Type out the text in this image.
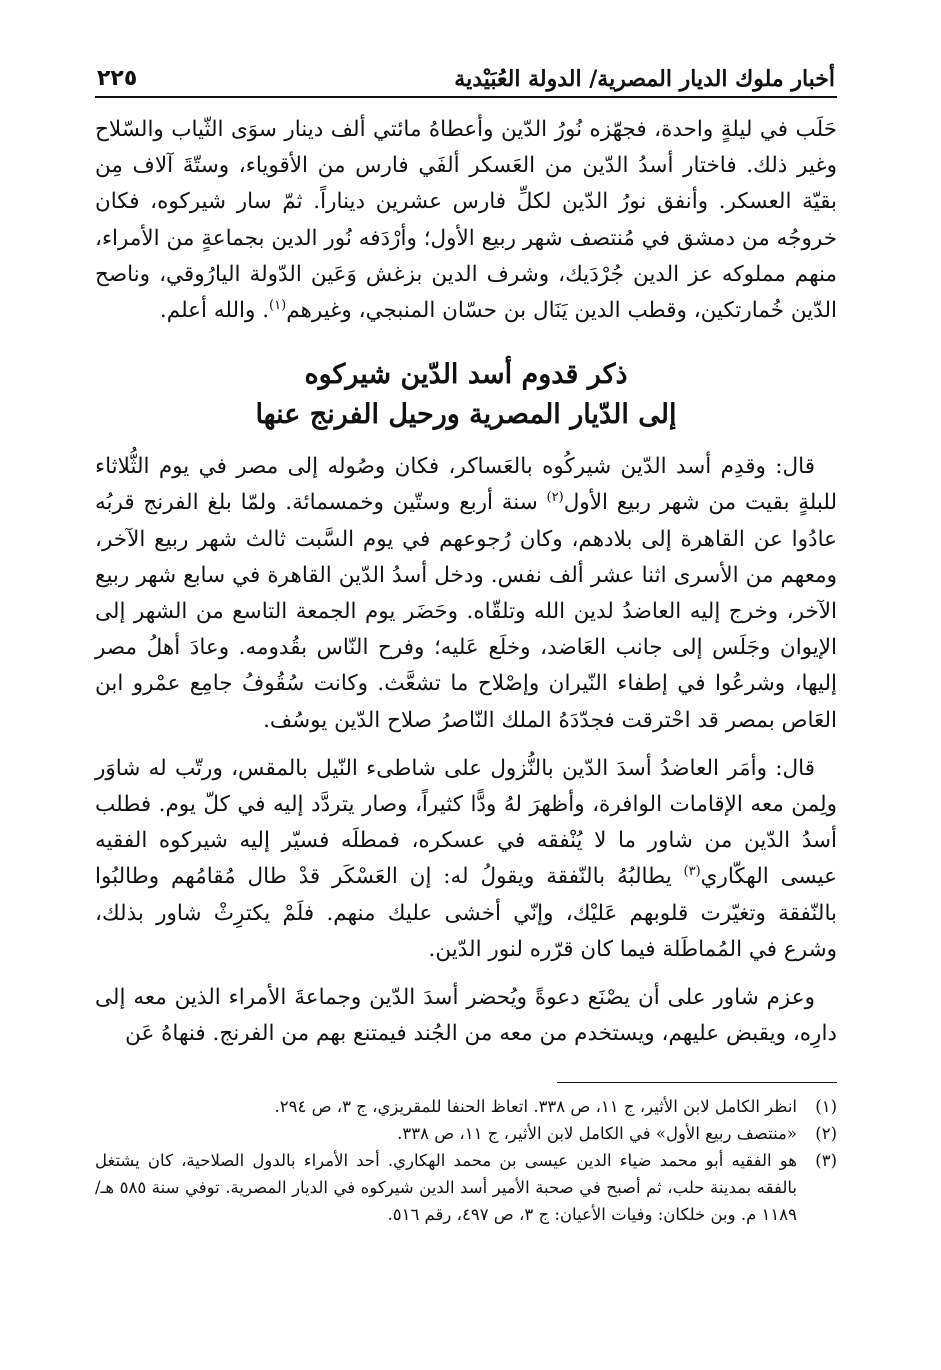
أخبار ملوك الديار المصرية/ الدولة العُبَيْدية
٢٢٥

حَلَب في ليلةٍ واحدة، فجهّزه نُورُ الدّين وأعطاهُ مائتي ألف دينار سوَى الثّياب والسّلاح وغير ذلك. فاختار أسدُ الدّين من العَسكر ألفَي فارس من الأقوياء، وستّةَ آلاف مِن بقيّة العسكر. وأنفق نورُ الدّين لكلِّ فارس عشرين ديناراً. ثمّ سار شيركوه، فكان خروجُه من دمشق في مُنتصف شهر ربيع الأول؛ وأرْدَفه نُور الدين بجماعةٍ من الأمراء، منهم مملوكه عز الدين جُرْدَيك، وشرف الدين بزغش وَعَين الدّولة اليارُوقي، وناصح الدّين خُمارتكين، وقطب الدين يَنَال بن حسّان المنبجي، وغيرهم$^{(١)}$. والله أعلم.

ذكر قدوم أسد الدّين شيركوه
إلى الدّيار المصرية ورحيل الفرنج عنها

قال: وقدِم أسد الدّين شيركُوه بالعَساكر، فكان وصُوله إلى مصر في يوم الثُّلاثاء للبلةٍ بقيت من شهر ربيع الأول$^{(٢)}$ سنة أربع وستّين وخمسمائة. ولمّا بلغ الفرنج قربُه عادُوا عن القاهرة إلى بلادهم، وكان رُجوعهم في يوم السَّبت ثالث شهر ربيع الآخر، ومعهم من الأسرى اثنا عشر ألف نفس. ودخل أسدُ الدّين القاهرة في سابع شهر ربيع الآخر، وخرج إليه العاضدُ لدين الله وتلقّاه. وحَضَر يوم الجمعة التاسع من الشهر إلى الإيوان وجَلَس إلى جانب العَاضد، وخلَع عَليه؛ وفرح النّاس بقُدومه. وعادَ أهلُ مصر إليها، وشرعُوا في إطفاء النّيران وإصْلاح ما تشعَّث. وكانت سُقُوفُ جامِع عمْرو ابن العَاص بمصر قد احْترقت فجدّدَهُ الملك النّاصرُ صلاح الدّين يوسُف.

قال: وأمَر العاضدُ أسدَ الدّين بالنُّزول على شاطىء النّيل بالمقس، ورتّب له شاوَر ولِمن معه الإقامات الوافرة، وأظهرَ لهُ ودًّا كثيراً، وصار يتردَّد إليه في كلّ يوم. فطلب أسدُ الدّين من شاور ما لا يُنْفقه في عسكره، فمطلَه فسيّر إليه شيركوه الفقيه عيسى الهكّاري$^{(٣)}$ يطالبُهُ بالنّفقة ويقولُ له: إن العَسْكَر قدْ طال مُقامُهم وطالبُوا بالنّفقة وتغيّرت قلوبهم عَليْك، وإنّي أخشى عليك منهم. فلَمْ يكترِثْ شاور بذلك، وشرع في المُماطَلة فيما كان قرّره لنور الدّين.

وعزم شاور على أن يصْنَع دعوةً ويُحضر أسدَ الدّين وجماعةَ الأمراء الذين معه إلى دارِه، ويقبض عليهم، ويستخدم من معه من الجُند فيمتنع بهم من الفرنج. فنهاهُ عَن

(١)
انظر الكامل لابن الأثير، ج ١١، ص ٣٣٨. اتعاظ الحنفا للمقريزي، ج ٣، ص ٢٩٤.
(٢)
«منتصف ربيع الأول» في الكامل لابن الأثير، ج ١١، ص ٣٣٨.
(٣)
هو الفقيه أبو محمد ضياء الدين عيسى بن محمد الهكاري. أحد الأمراء بالدول الصلاحية، كان يشتغل بالفقه بمدينة حلب، ثم أصبح في صحبة الأمير أسد الدين شيركوه في الديار المصرية. توفي سنة ٥٨٥ هـ/ ١١٨٩ م. وبن خلكان: وفيات الأعيان: ج ٣، ص ٤٩٧، رقم ٥١٦.
